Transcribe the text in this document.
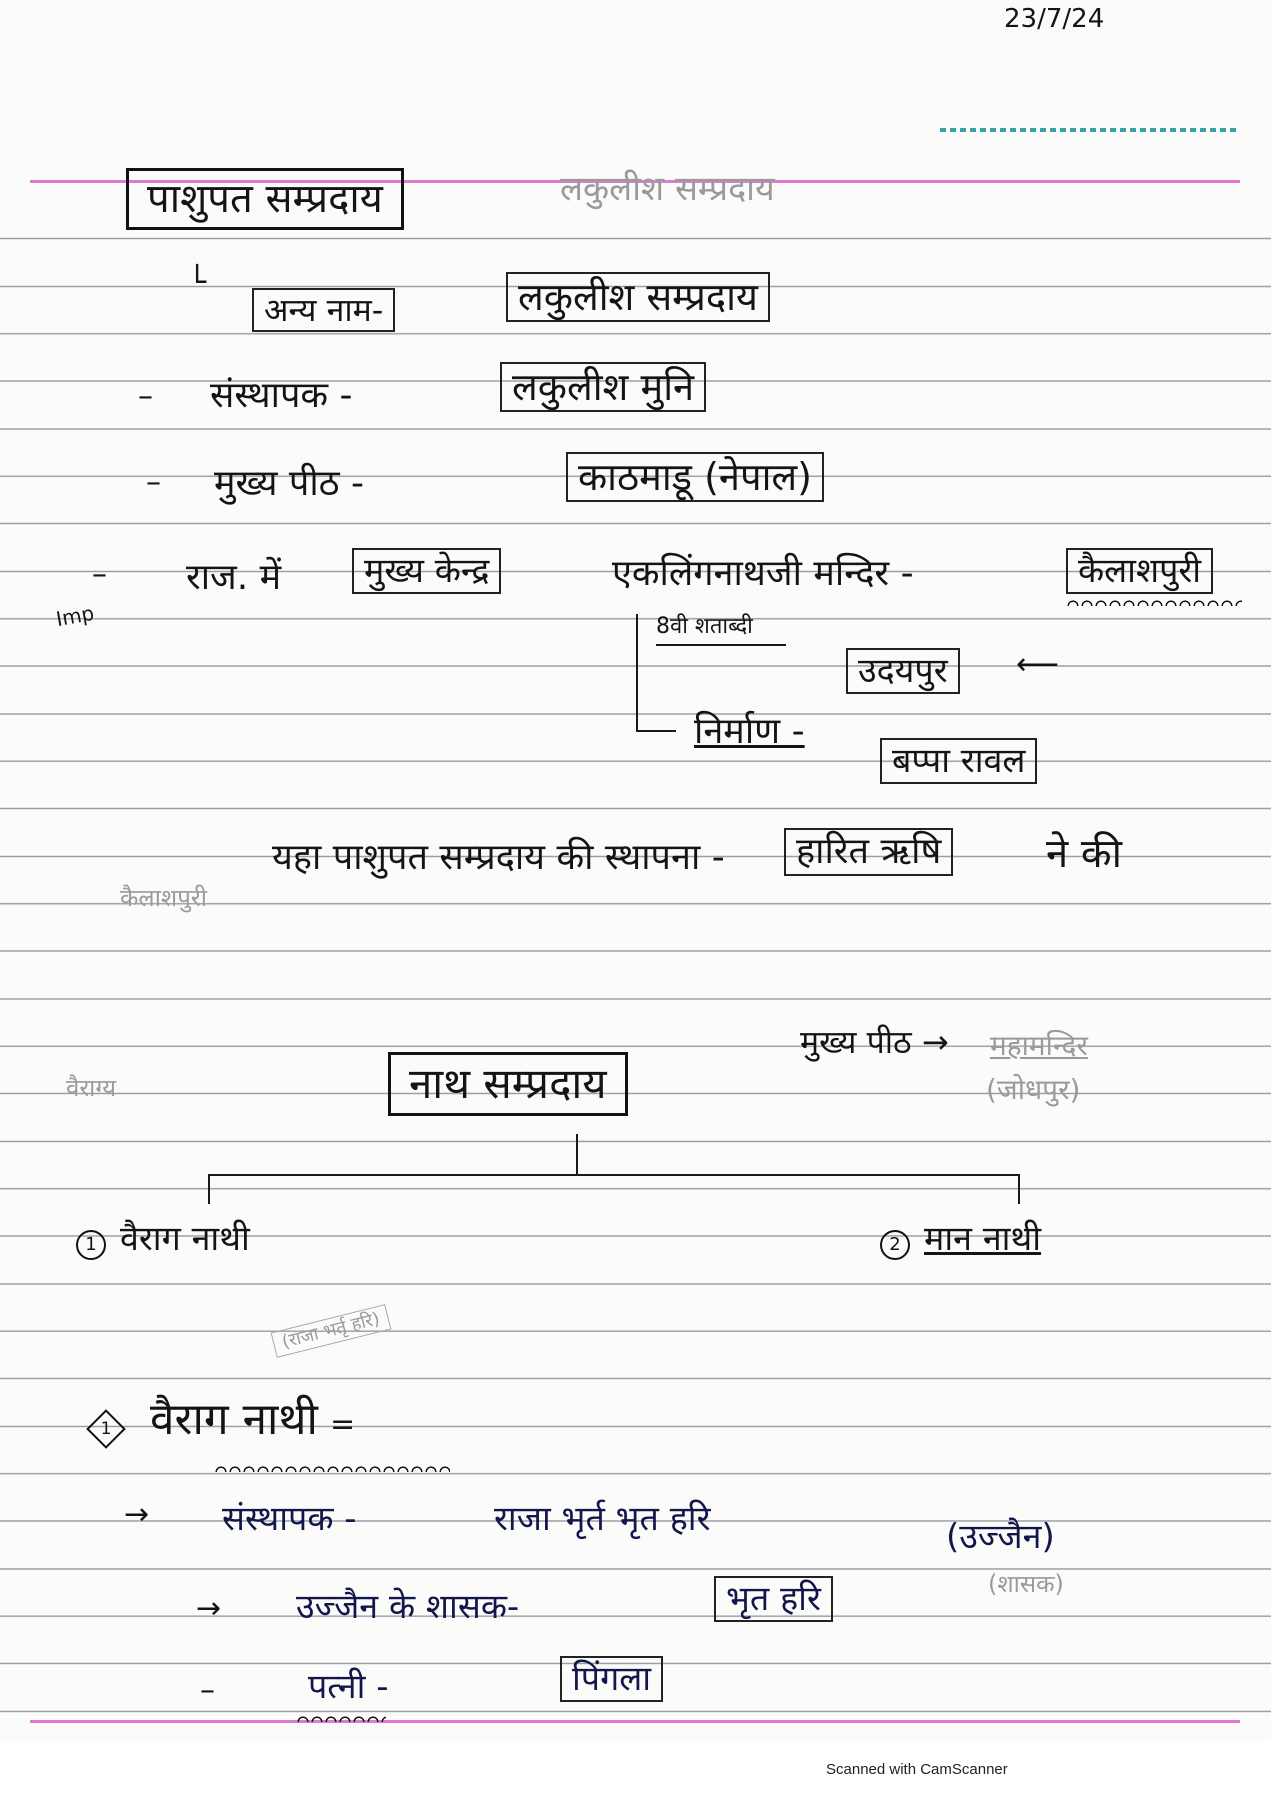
23/7/24
पाशुपत सम्प्रदाय	लकुलीश सम्प्रदाय
└
अन्य नाम-	लकुलीश सम्प्रदाय
– संस्थापक -	लकुलीश मुनि
– मुख्य पीठ -	काठमाडू (नेपाल)
Imp
– राज. में	मुख्य केन्द्र	एकलिंगनाथजी मन्दिर -	कैलाशपुरी
8वी शताब्दी
उदयपुर	⟵
निर्माण -
बप्पा रावल
यहा पाशुपत सम्प्रदाय की स्थापना -	हारित ऋषि	ने की
कैलाशपुरी
मुख्य पीठ → महामन्दिर
(जोधपुर)
वैराग्य	नाथ सम्प्रदाय
1 वैराग नाथी	2 मान नाथी
(राजा भर्तृ हरि)
1 वैराग नाथी =
→ संस्थापक -	राजा भृर्त भृत हरि	(उज्जैन)
(शासक)
→ उज्जैन के शासक-	भृत हरि
–	पत्नी -	पिंगला
Scanned with CamScanner
